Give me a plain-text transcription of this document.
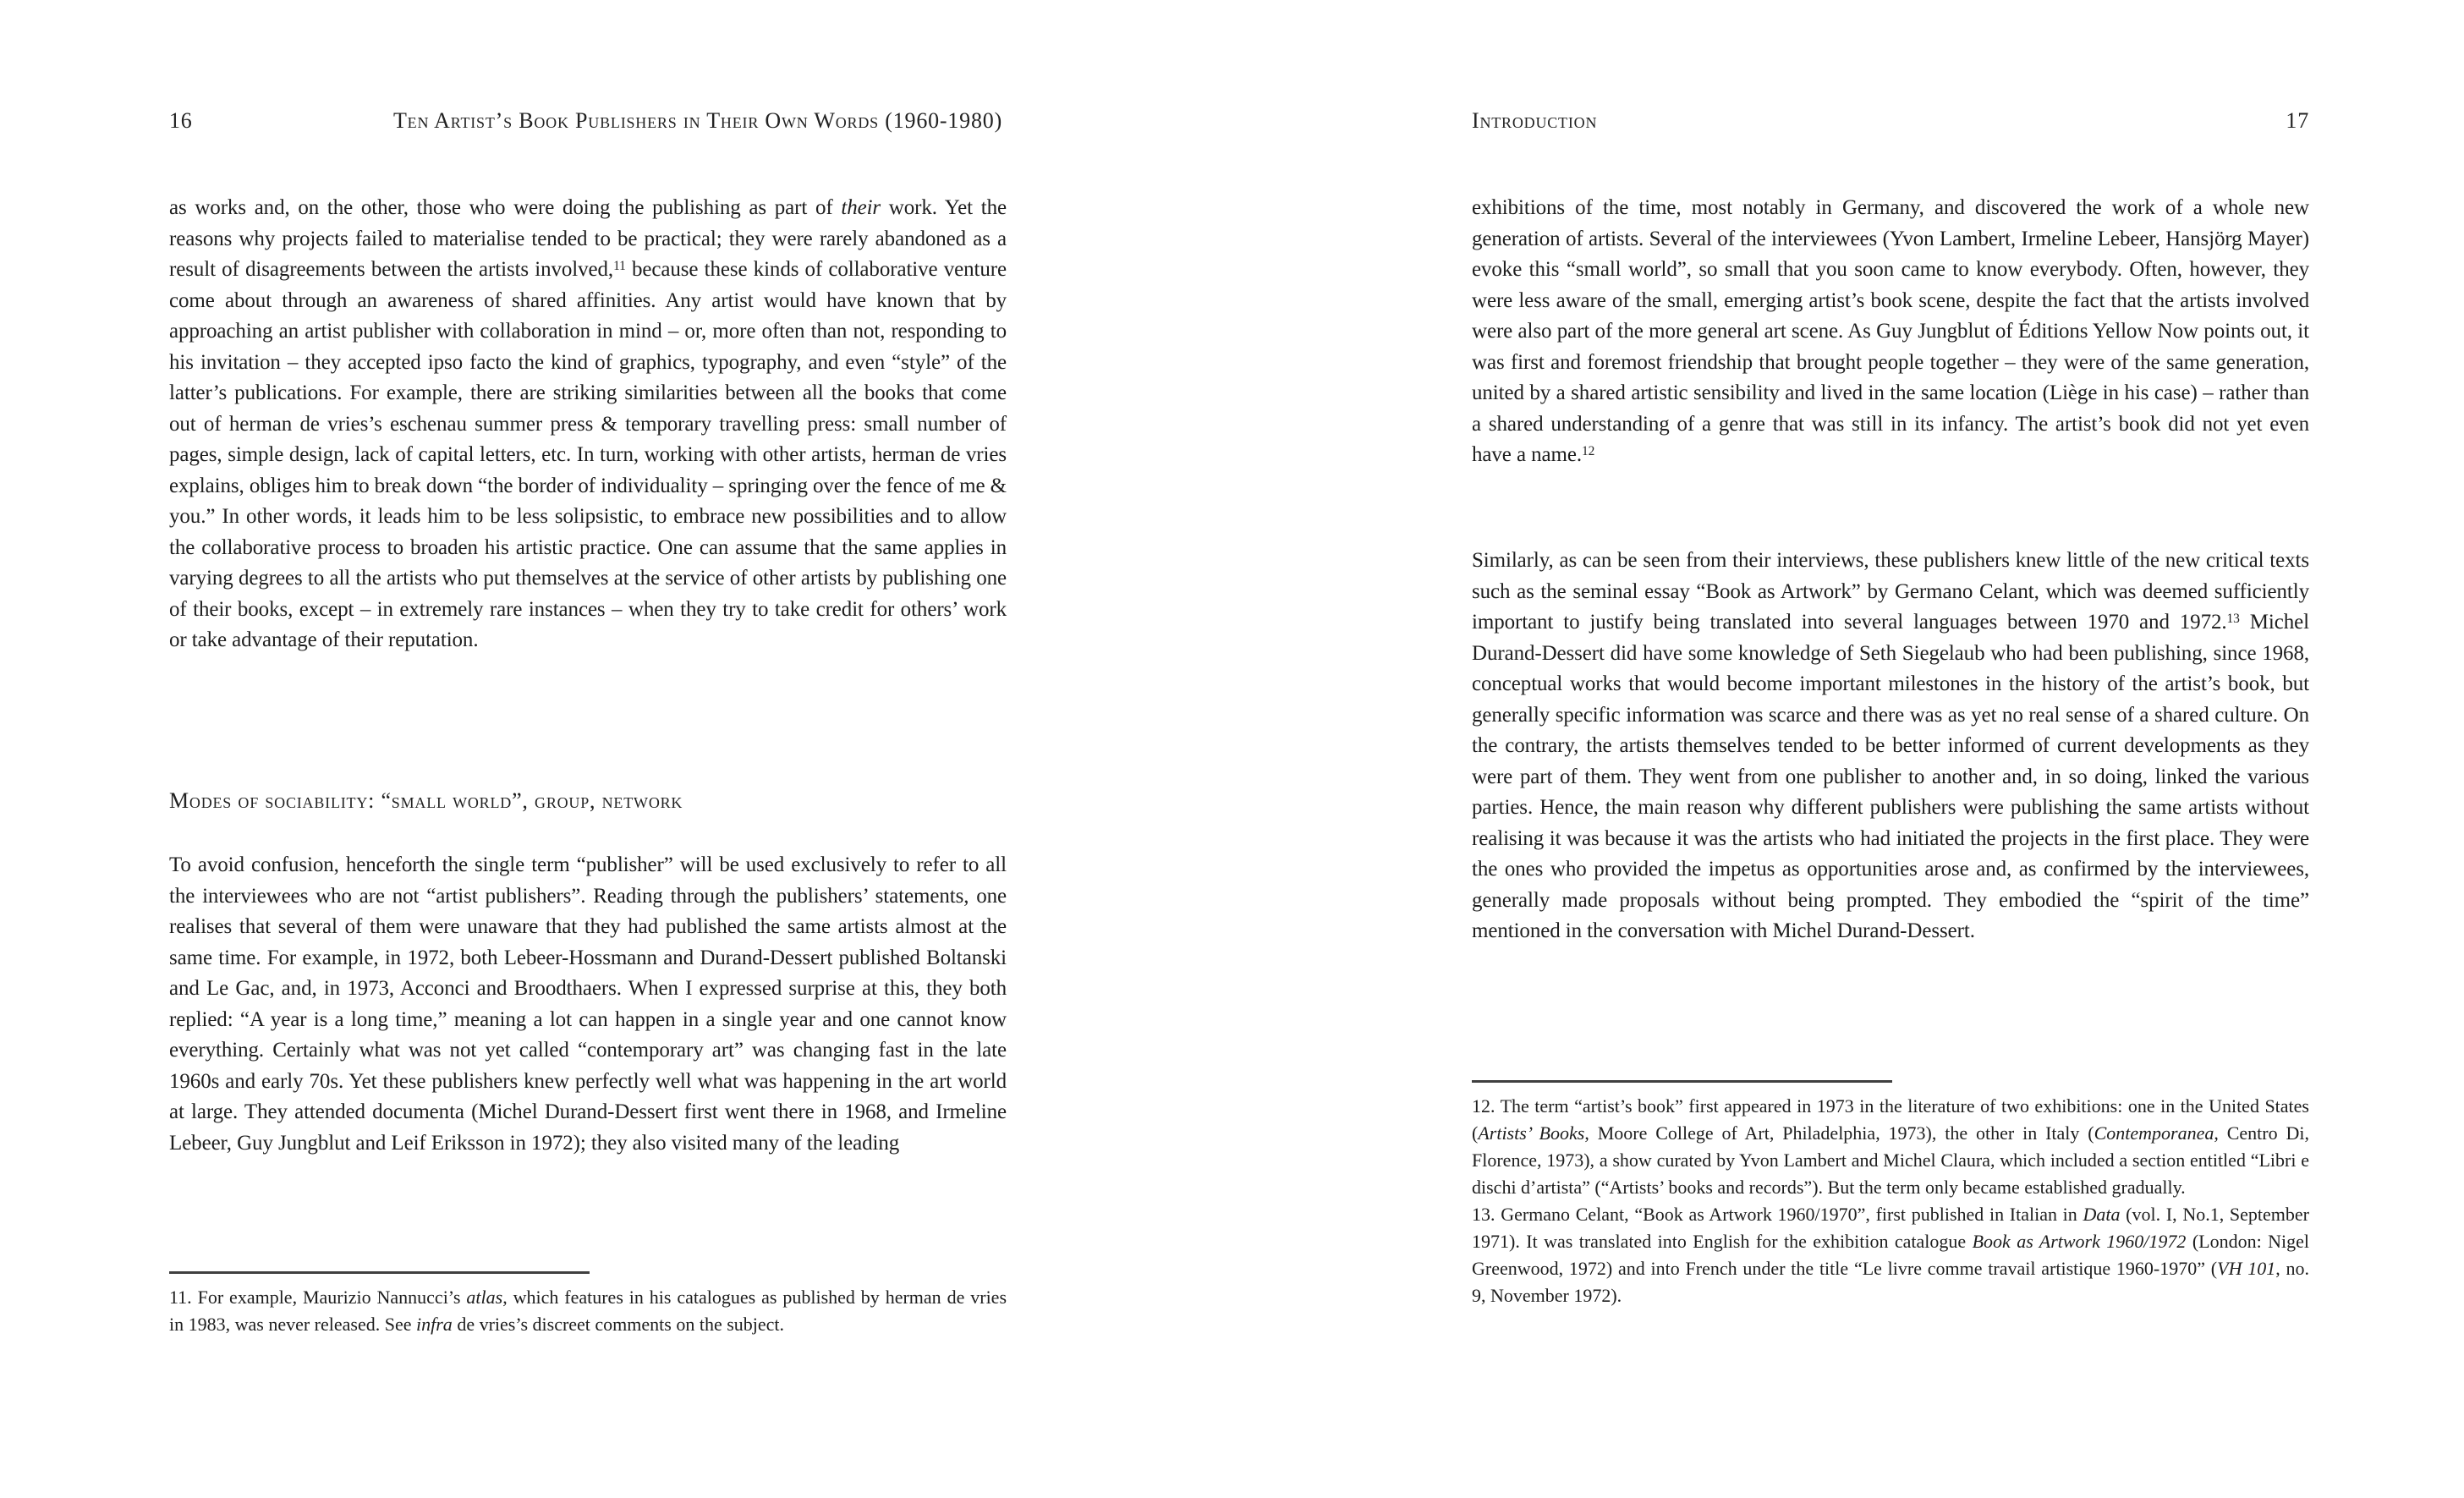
16	Ten Artist’s Book Publishers in Their Own Words (1960-1980)
as works and, on the other, those who were doing the publishing as part of their work. Yet the reasons why projects failed to materialise tended to be practical; they were rarely abandoned as a result of disagreements between the artists involved,$^{11}$ because these kinds of collaborative venture come about through an awareness of shared affinities. Any artist would have known that by approaching an artist publisher with collaboration in mind – or, more often than not, responding to his invitation – they accepted ipso facto the kind of graphics, typography, and even “style” of the latter’s publications. For example, there are striking similarities between all the books that come out of herman de vries’s eschenau summer press & temporary travelling press: small number of pages, simple design, lack of capital letters, etc. In turn, working with other artists, herman de vries explains, obliges him to break down “the border of individuality – springing over the fence of me & you.” In other words, it leads him to be less solipsistic, to embrace new possibilities and to allow the collaborative process to broaden his artistic practice. One can assume that the same applies in varying degrees to all the artists who put themselves at the service of other artists by publishing one of their books, except – in extremely rare instances – when they try to take credit for others’ work or take advantage of their reputation.
Modes of sociability: “small world”, group, network
To avoid confusion, henceforth the single term “publisher” will be used exclusively to refer to all the interviewees who are not “artist publishers”. Reading through the publishers’ statements, one realises that several of them were unaware that they had published the same artists almost at the same time. For example, in 1972, both Lebeer-Hossmann and Durand-Dessert published Boltanski and Le Gac, and, in 1973, Acconci and Broodthaers. When I expressed surprise at this, they both replied: “A year is a long time,” meaning a lot can happen in a single year and one cannot know everything. Certainly what was not yet called “contemporary art” was changing fast in the late 1960s and early 70s. Yet these publishers knew perfectly well what was happening in the art world at large. They attended documenta (Michel Durand-Dessert first went there in 1968, and Irmeline Lebeer, Guy Jungblut and Leif Eriksson in 1972); they also visited many of the leading
11. For example, Maurizio Nannucci’s atlas, which features in his catalogues as published by herman de vries in 1983, was never released. See infra de vries’s discreet comments on the subject.
Introduction	17
exhibitions of the time, most notably in Germany, and discovered the work of a whole new generation of artists. Several of the interviewees (Yvon Lambert, Irmeline Lebeer, Hansjörg Mayer) evoke this “small world”, so small that you soon came to know everybody. Often, however, they were less aware of the small, emerging artist’s book scene, despite the fact that the artists involved were also part of the more general art scene. As Guy Jungblut of Éditions Yellow Now points out, it was first and foremost friendship that brought people together – they were of the same generation, united by a shared artistic sensibility and lived in the same location (Liège in his case) – rather than a shared understanding of a genre that was still in its infancy. The artist’s book did not yet even have a name.$^{12}$
Similarly, as can be seen from their interviews, these publishers knew little of the new critical texts such as the seminal essay “Book as Artwork” by Germano Celant, which was deemed sufficiently important to justify being translated into several languages between 1970 and 1972.13 Michel Durand-Dessert did have some knowledge of Seth Siegelaub who had been publishing, since 1968, conceptual works that would become important milestones in the history of the artist’s book, but generally specific information was scarce and there was as yet no real sense of a shared culture. On the contrary, the artists themselves tended to be better informed of current developments as they were part of them. They went from one publisher to another and, in so doing, linked the various parties. Hence, the main reason why different publishers were publishing the same artists without realising it was because it was the artists who had initiated the projects in the first place. They were the ones who provided the impetus as opportunities arose and, as confirmed by the interviewees, generally made proposals without being prompted. They embodied the “spirit of the time” mentioned in the conversation with Michel Durand-Dessert.
12. The term “artist’s book” first appeared in 1973 in the literature of two exhibitions: one in the United States (Artists’ Books, Moore College of Art, Philadelphia, 1973), the other in Italy (Contemporanea, Centro Di, Florence, 1973), a show curated by Yvon Lambert and Michel Claura, which included a section entitled “Libri e dischi d’artista” (“Artists’ books and records”). But the term only became established gradually.
13. Germano Celant, “Book as Artwork 1960/1970”, first published in Italian in Data (vol. I, No.1, September 1971). It was translated into English for the exhibition catalogue Book as Artwork 1960/1972 (London: Nigel Greenwood, 1972) and into French under the title “Le livre comme travail artistique 1960-1970” (VH 101, no. 9, November 1972).
